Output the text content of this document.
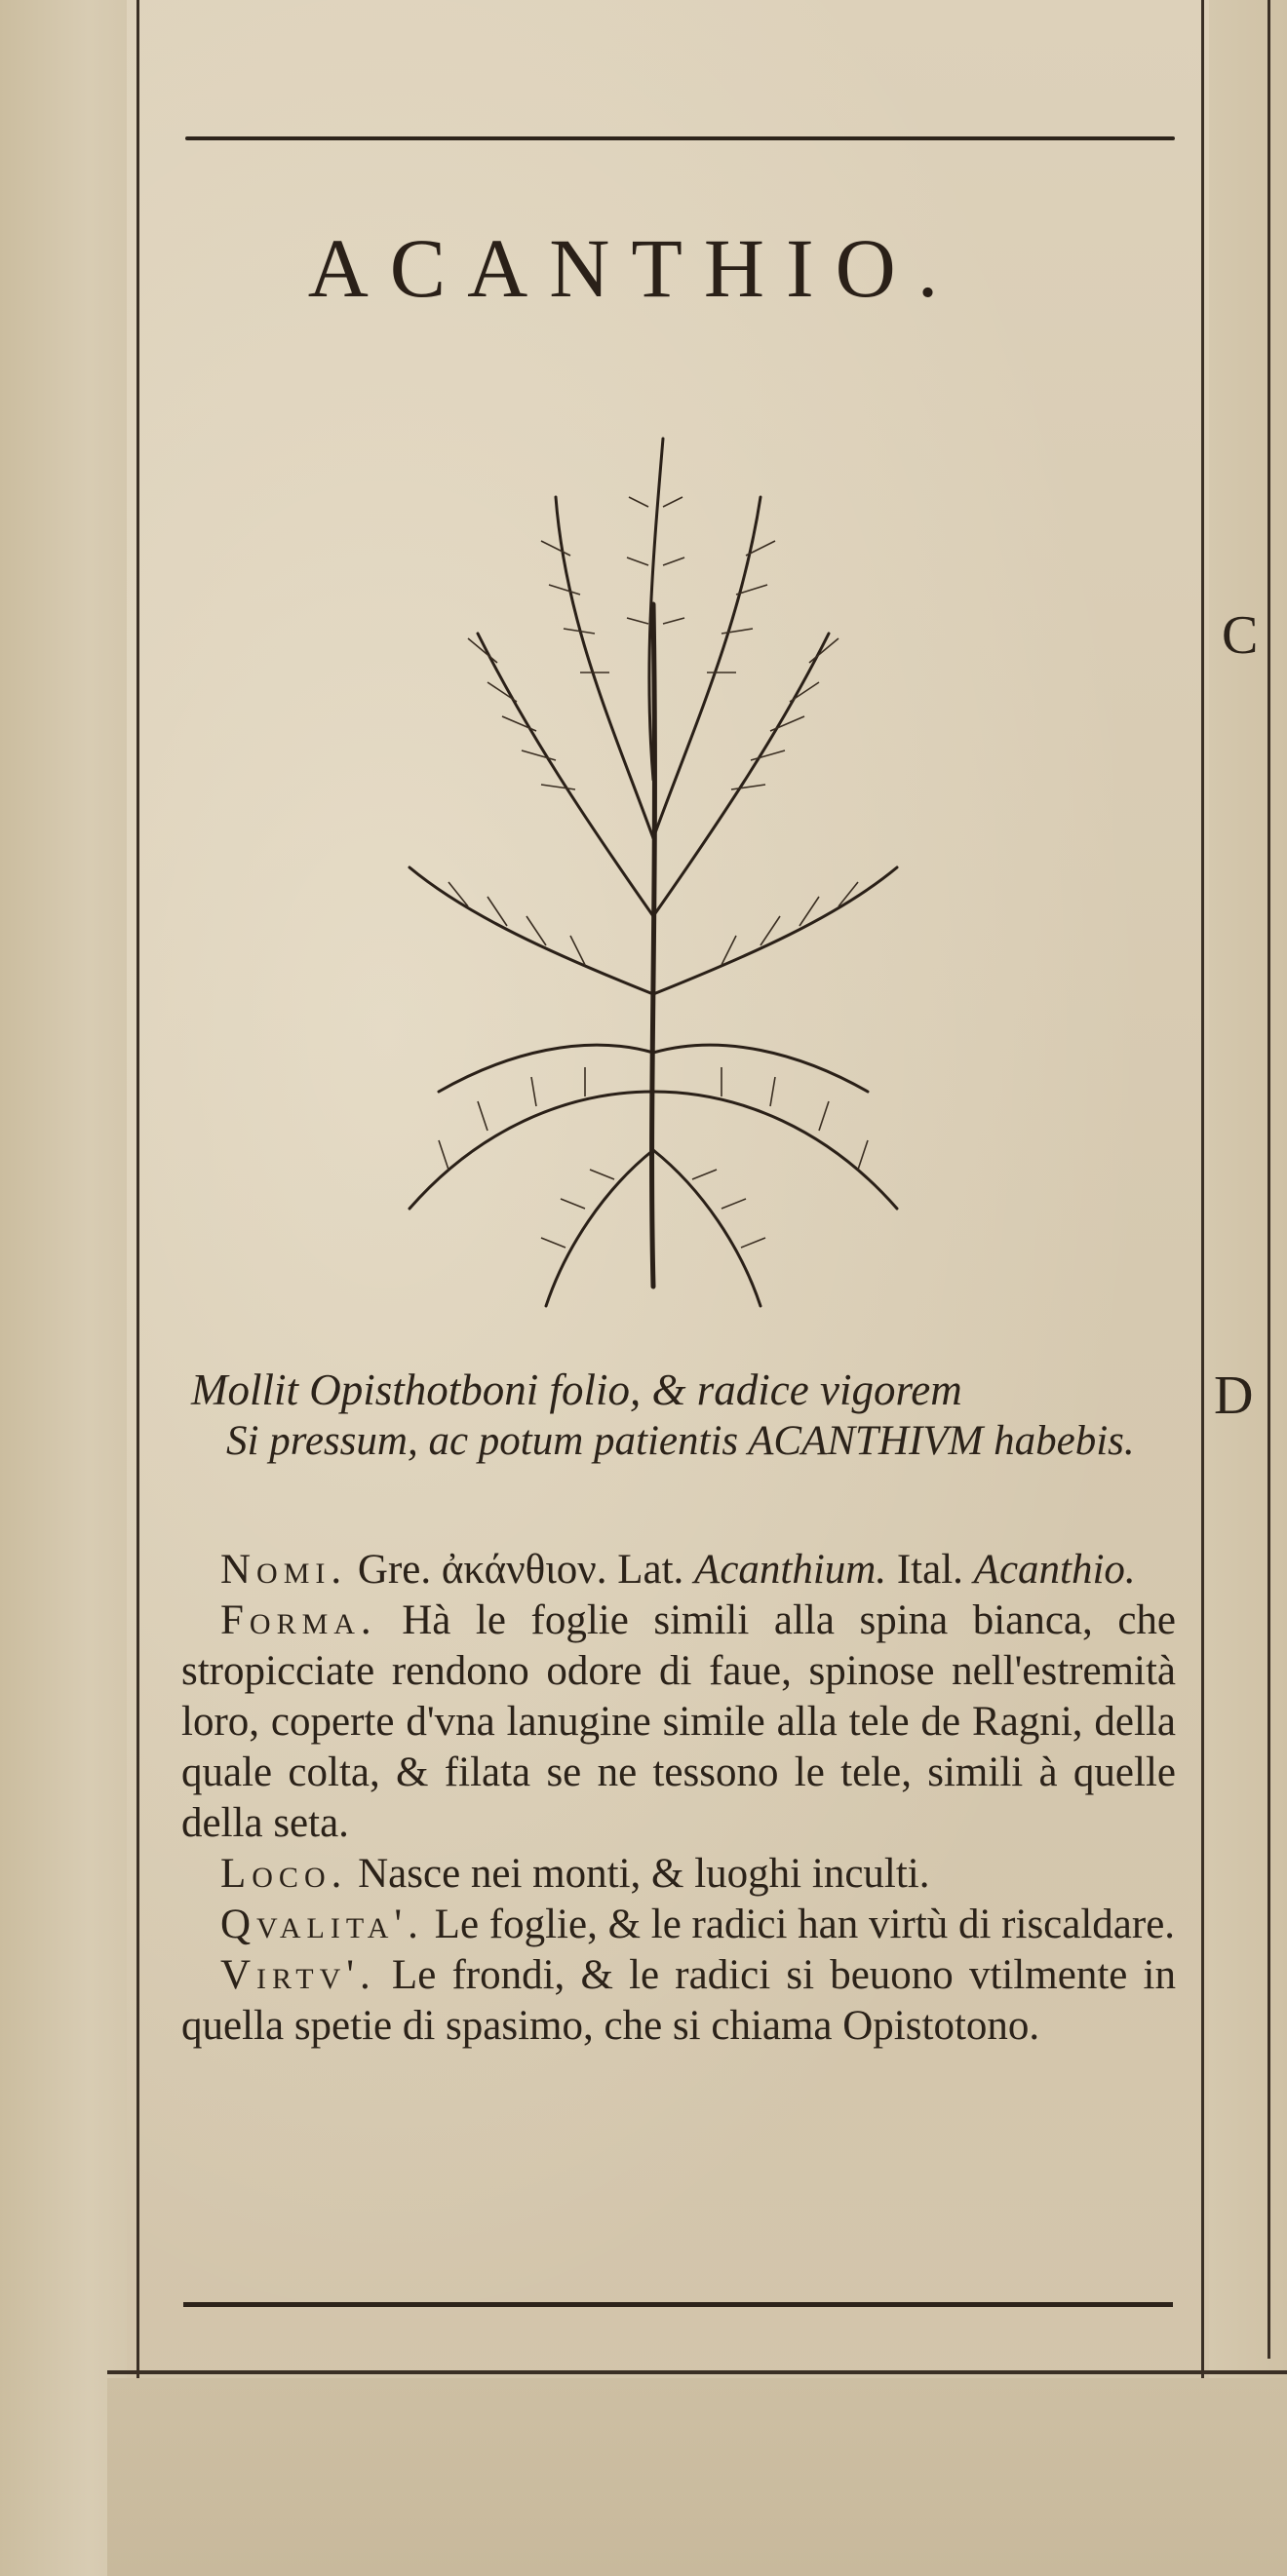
ACANTHIO.
Mollit Opisthotboni folio, & radice vigorem
Si pressum, ac potum patientis ACANTHIVM habebis.

Nomi. Gre. ἀκάνθιον. Lat. Acanthium. Ital. Acanthio.

Forma. Hà le foglie simili alla spina bianca, che stropicciate rendono odore di faue, spinose nell'estremità loro, coperte d'vna lanugine simile alla tele de Ragni, della quale colta, & filata se ne tessono le tele, simili à quelle della seta.

Loco. Nasce nei monti, & luoghi inculti.

Qvalita'. Le foglie, & le radici han virtù di riscaldare.

Virtv'. Le frondi, & le radici si beuono vtilmente in quella spetie di spasimo, che si chiama Opistotono.

C
D
